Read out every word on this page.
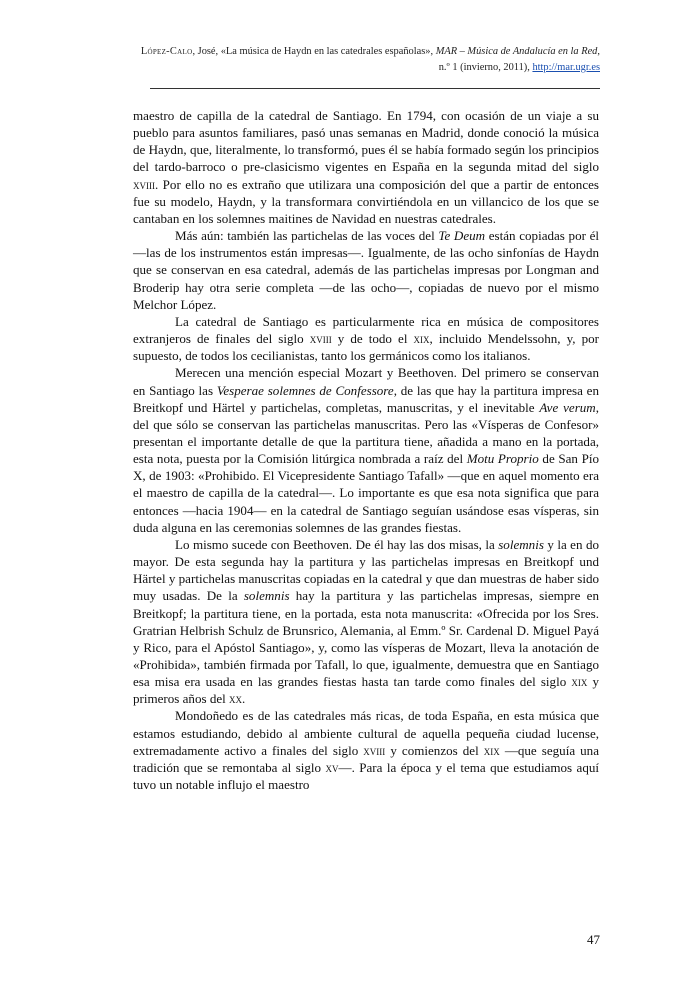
López-Calo, José, «La música de Haydn en las catedrales españolas», MAR – Música de Andalucía en la Red, n.º 1 (invierno, 2011), http://mar.ugr.es

maestro de capilla de la catedral de Santiago. En 1794, con ocasión de un viaje a su pueblo para asuntos familiares, pasó unas semanas en Madrid, donde conoció la música de Haydn, que, literalmente, lo transformó, pues él se había formado según los principios del tardo-barroco o pre-clasicismo vigentes en España en la segunda mitad del siglo xviii. Por ello no es extraño que utilizara una composición del que a partir de entonces fue su modelo, Haydn, y la transformara convirtiéndola en un villancico de los que se cantaban en los solemnes maitines de Navidad en nuestras catedrales.

Más aún: también las partichelas de las voces del Te Deum están copiadas por él —las de los instrumentos están impresas—. Igualmente, de las ocho sinfonías de Haydn que se conservan en esa catedral, además de las partichelas impresas por Longman and Broderip hay otra serie completa —de las ocho—, copiadas de nuevo por el mismo Melchor López.

La catedral de Santiago es particularmente rica en música de compositores extranjeros de finales del siglo xviii y de todo el xix, incluido Mendelssohn, y, por supuesto, de todos los cecilianistas, tanto los germánicos como los italianos.

Merecen una mención especial Mozart y Beethoven. Del primero se conservan en Santiago las Vesperae solemnes de Confessore, de las que hay la partitura impresa en Breitkopf und Härtel y partichelas, completas, manuscritas, y el inevitable Ave verum, del que sólo se conservan las partichelas manuscritas. Pero las «Vísperas de Confesor» presentan el importante detalle de que la partitura tiene, añadida a mano en la portada, esta nota, puesta por la Comisión litúrgica nombrada a raíz del Motu Proprio de San Pío X, de 1903: «Prohibido. El Vicepresidente Santiago Tafall» —que en aquel momento era el maestro de capilla de la catedral—. Lo importante es que esa nota significa que para entonces —hacia 1904— en la catedral de Santiago seguían usándose esas vísperas, sin duda alguna en las ceremonias solemnes de las grandes fiestas.

Lo mismo sucede con Beethoven. De él hay las dos misas, la solemnis y la en do mayor. De esta segunda hay la partitura y las partichelas impresas en Breitkopf und Härtel y partichelas manuscritas copiadas en la catedral y que dan muestras de haber sido muy usadas. De la solemnis hay la partitura y las partichelas impresas, siempre en Breitkopf; la partitura tiene, en la portada, esta nota manuscrita: «Ofrecida por los Sres. Gratrian Helbrish Schulz de Brunsrico, Alemania, al Emm.º Sr. Cardenal D. Miguel Payá y Rico, para el Apóstol Santiago», y, como las vísperas de Mozart, lleva la anotación de «Prohibida», también firmada por Tafall, lo que, igualmente, demuestra que en Santiago esa misa era usada en las grandes fiestas hasta tan tarde como finales del siglo xix y primeros años del xx.

Mondoñedo es de las catedrales más ricas, de toda España, en esta música que estamos estudiando, debido al ambiente cultural de aquella pequeña ciudad lucense, extremadamente activo a finales del siglo xviii y comienzos del xix —que seguía una tradición que se remontaba al siglo xv—. Para la época y el tema que estudiamos aquí tuvo un notable influjo el maestro

47
